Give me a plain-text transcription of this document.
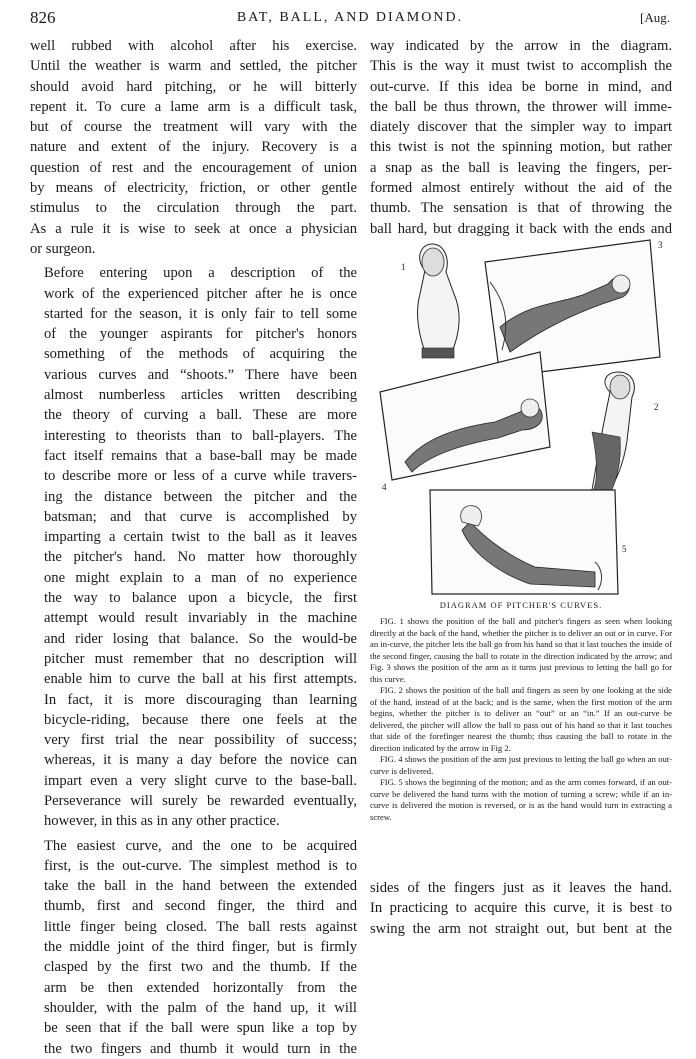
826	BAT, BALL, AND DIAMOND.	[Aug.

well rubbed with alcohol after his exercise.
Until the weather is warm and settled, the pitcher
should avoid hard pitching, or he will bitterly
repent it. To cure a lame arm is a difficult task,
but of course the treatment will vary with the
nature and extent of the injury. Recovery is a
question of rest and the encouragement of union
by means of electricity, friction, or other gentle
stimulus to the circulation through the part.
As a rule it is wise to seek at once a physician
or surgeon.

Before entering upon a description of the
work of the experienced pitcher after he is once
started for the season, it is only fair to tell some
of the younger aspirants for pitcher's honors
something of the methods of acquiring the
various curves and “shoots.” There have been
almost numberless articles written describing
the theory of curving a ball. These are more
interesting to theorists than to ball-players. The
fact itself remains that a base-ball may be made
to describe more or less of a curve while travers-
ing the distance between the pitcher and the
batsman; and that curve is accomplished by
imparting a certain twist to the ball as it leaves
the pitcher's hand. No matter how thoroughly
one might explain to a man of no experience
the way to balance upon a bicycle, the first
attempt would result invariably in the machine
and rider losing that balance. So the would-be
pitcher must remember that no description will
enable him to curve the ball at his first attempts.
In fact, it is more discouraging than learning
bicycle-riding, because there one feels at the
very first trial the near possibility of success;
whereas, it is many a day before the novice can
impart even a very slight curve to the base-ball.
Perseverance will surely be rewarded eventually,
however, in this as in any other practice.

The easiest curve, and the one to be acquired
first, is the out-curve. The simplest method is to
take the ball in the hand between the extended
thumb, first and second finger, the third and
little finger being closed. The ball rests against
the middle joint of the third finger, but is firmly
clasped by the first two and the thumb. If the
arm be then extended horizontally from the
shoulder, with the palm of the hand up, it will
be seen that if the ball were spun like a top by
the two fingers and thumb it would turn in the

way indicated by the arrow in the diagram.
This is the way it must twist to accomplish the
out-curve. If this idea be borne in mind, and
the ball be thus thrown, the thrower will imme-
diately discover that the simpler way to impart
this twist is not the spinning motion, but rather
a snap as the ball is leaving the fingers, per-
formed almost entirely without the aid of the
thumb. The sensation is that of throwing the
ball hard, but dragging it back with the ends and

3
1
4
2
5
DIAGRAM OF PITCHER'S CURVES.

FIG. 1 shows the position of the ball and pitcher's fingers as seen when looking directly at the back of the hand, whether the pitcher is to deliver an out or in curve. For an in-curve, the pitcher lets the ball go from his hand so that it last touches the inside of the second finger, causing the ball to rotate in the direction indicated by the arrow; and Fig. 3 shows the position of the arm as it turns just previous to letting the ball go for this curve.

FIG. 2 shows the position of the ball and fingers as seen by one looking at the side of the hand, instead of at the back; and is the same, when the first motion of the arm begins, whether the pitcher is to deliver an “out” or an “in.” If an out-curve be delivered, the pitcher will allow the ball to pass out of his hand so that it last touches that side of the forefinger nearest the thumb; thus causing the ball to rotate in the direction indicated by the arrow in Fig 2.

FIG. 4 shows the position of the arm just previous to letting the ball go when an out-curve is delivered.

FIG. 5 shows the beginning of the motion; and as the arm comes forward, if an out-curve be delivered the hand turns with the motion of turning a screw; while if an in-curve is delivered the motion is reversed, or is as the hand would turn in extracting a screw.

sides of the fingers just as it leaves the hand.
In practicing to acquire this curve, it is best to
swing the arm not straight out, but bent at the
